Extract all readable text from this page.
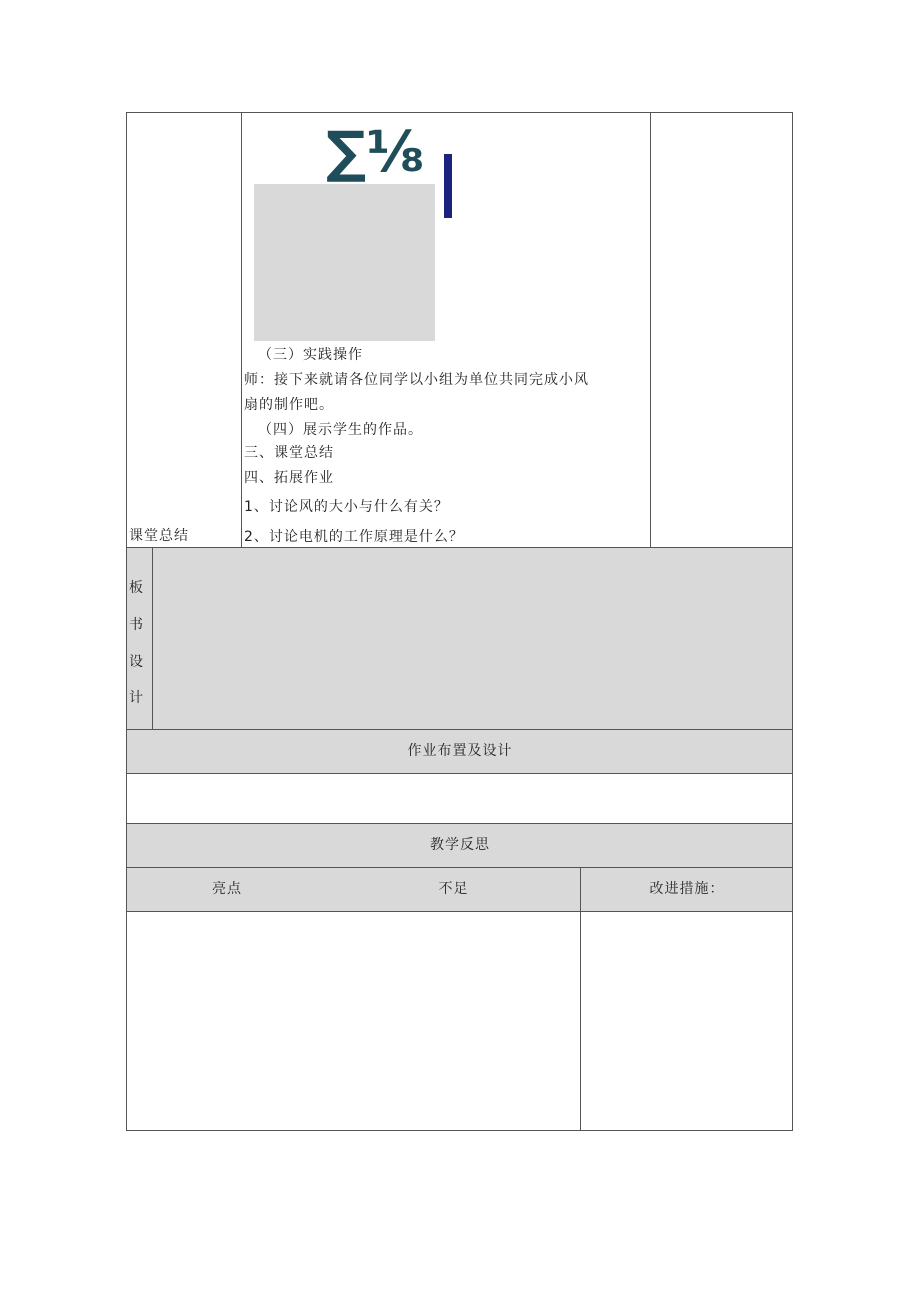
∑⅛
课堂总结
（三）实践操作
师：接下来就请各位同学以小组为单位共同完成小风
扇的制作吧。
（四）展示学生的作品。
三、课堂总结
四、拓展作业
1、讨论风的大小与什么有关？
2、讨论电机的工作原理是什么？
板
书
设
计
作业布置及设计
教学反思
亮点	不足	改进措施：
